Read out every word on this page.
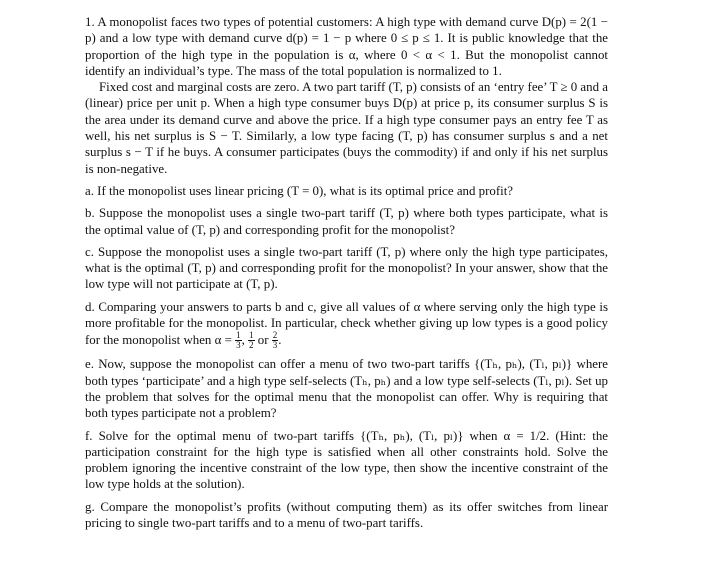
1. A monopolist faces two types of potential customers: A high type with demand curve D(p) = 2(1 − p) and a low type with demand curve d(p) = 1 − p where 0 ≤ p ≤ 1. It is public knowledge that the proportion of the high type in the population is α, where 0 < α < 1. But the monopolist cannot identify an individual’s type. The mass of the total population is normalized to 1.

Fixed cost and marginal costs are zero. A two part tariff (T, p) consists of an ‘entry fee’ T ≥ 0 and a (linear) price per unit p. When a high type consumer buys D(p) at price p, its consumer surplus S is the area under its demand curve and above the price. If a high type consumer pays an entry fee T as well, his net surplus is S − T. Similarly, a low type facing (T, p) has consumer surplus s and a net surplus s − T if he buys. A consumer participates (buys the commodity) if and only if his net surplus is non-negative.

a. If the monopolist uses linear pricing (T = 0), what is its optimal price and profit?

b. Suppose the monopolist uses a single two-part tariff (T, p) where both types participate, what is the optimal value of (T, p) and corresponding profit for the monopolist?

c. Suppose the monopolist uses a single two-part tariff (T, p) where only the high type participates, what is the optimal (T, p) and corresponding profit for the monopolist? In your answer, show that the low type will not participate at (T, p).

d. Comparing your answers to parts b and c, give all values of α where serving only the high type is more profitable for the monopolist. In particular, check whether giving up low types is a good policy for the monopolist when $\alpha = \frac{1}{3}$ , $\frac{1}{2}$ or $\frac{2}{3}$ .

e. Now, suppose the monopolist can offer a menu of two two-part tariffs {(Tₕ, pₕ), (Tₗ, pₗ)} where both types ‘participate’ and a high type self-selects (Tₕ, pₕ) and a low type self-selects (Tₗ, pₗ). Set up the problem that solves for the optimal menu that the monopolist can offer. Why is requiring that both types participate not a problem?

f. Solve for the optimal menu of two-part tariffs {(Tₕ, pₕ), (Tₗ, pₗ)} when α = 1/2. (Hint: the participation constraint for the high type is satisfied when all other constraints hold. Solve the problem ignoring the incentive constraint of the low type, then show the incentive constraint of the low type holds at the solution).

g. Compare the monopolist’s profits (without computing them) as its offer switches from linear pricing to single two-part tariffs and to a menu of two-part tariffs.
